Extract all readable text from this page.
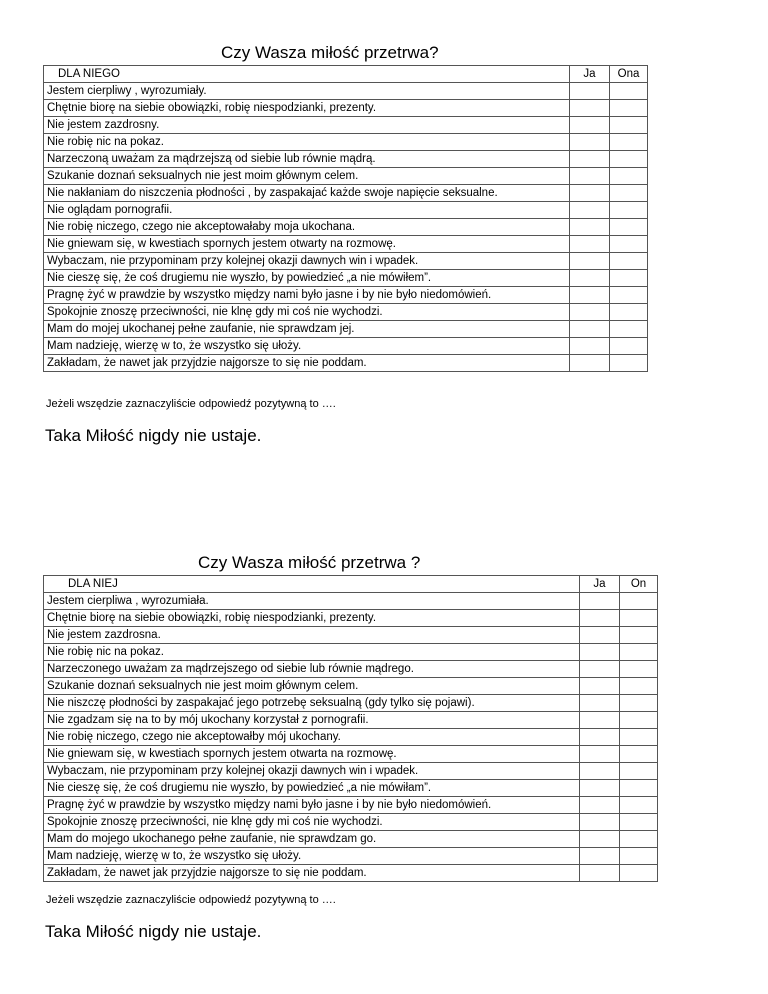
Czy Wasza miłość przetrwa?
DLA NIEGO	Ja	Ona
Jestem cierpliwy , wyrozumiały.		
Chętnie biorę na siebie obowiązki, robię niespodzianki, prezenty.		
Nie jestem zazdrosny.		
Nie robię nic na pokaz.		
Narzeczoną uważam za mądrzejszą od siebie lub równie mądrą.		
Szukanie doznań seksualnych nie jest moim głównym celem.		
Nie nakłaniam do niszczenia płodności , by zaspakajać każde swoje napięcie seksualne.		
Nie oglądam pornografii.		
Nie robię niczego, czego nie akceptowałaby moja ukochana.		
Nie gniewam się, w kwestiach spornych jestem otwarty na rozmowę.		
Wybaczam, nie przypominam przy kolejnej okazji dawnych win i wpadek.		
Nie cieszę się, że coś drugiemu nie wyszło, by powiedzieć „a nie mówiłem”.		
Pragnę żyć w prawdzie by wszystko między nami było jasne i by nie było niedomówień.		
Spokojnie znoszę przeciwności, nie klnę gdy mi coś nie wychodzi.		
Mam do mojej ukochanej pełne zaufanie, nie sprawdzam jej.		
Mam nadzieję, wierzę w to, że wszystko się ułoży.		
Zakładam, że nawet jak przyjdzie najgorsze to się nie poddam.		
Jeżeli wszędzie zaznaczyliście odpowiedź pozytywną to ….
Taka Miłość nigdy nie ustaje.
Czy Wasza miłość przetrwa ?
DLA NIEJ	Ja	On
Jestem cierpliwa , wyrozumiała.		
Chętnie biorę na siebie obowiązki, robię niespodzianki, prezenty.		
Nie jestem zazdrosna.		
Nie robię nic na pokaz.		
Narzeczonego uważam za mądrzejszego od siebie lub równie mądrego.		
Szukanie doznań seksualnych nie jest moim głównym celem.		
Nie niszczę płodności by zaspakajać jego potrzebę seksualną (gdy tylko się pojawi).		
Nie zgadzam się na to by mój ukochany korzystał z pornografii.		
Nie robię niczego, czego nie akceptowałby mój ukochany.		
Nie gniewam się, w kwestiach spornych jestem otwarta na rozmowę.		
Wybaczam, nie przypominam przy kolejnej okazji dawnych win i wpadek.		
Nie cieszę się, że coś drugiemu nie wyszło, by powiedzieć „a nie mówiłam”.		
Pragnę żyć w prawdzie by wszystko między nami było jasne i by nie było niedomówień.		
Spokojnie znoszę przeciwności, nie klnę gdy mi coś nie wychodzi.		
Mam do mojego ukochanego pełne zaufanie, nie sprawdzam go.		
Mam nadzieję, wierzę w to, że wszystko się ułoży.		
Zakładam, że nawet jak przyjdzie najgorsze to się nie poddam.		
Jeżeli wszędzie zaznaczyliście odpowiedź pozytywną to ….
Taka Miłość nigdy nie ustaje.
